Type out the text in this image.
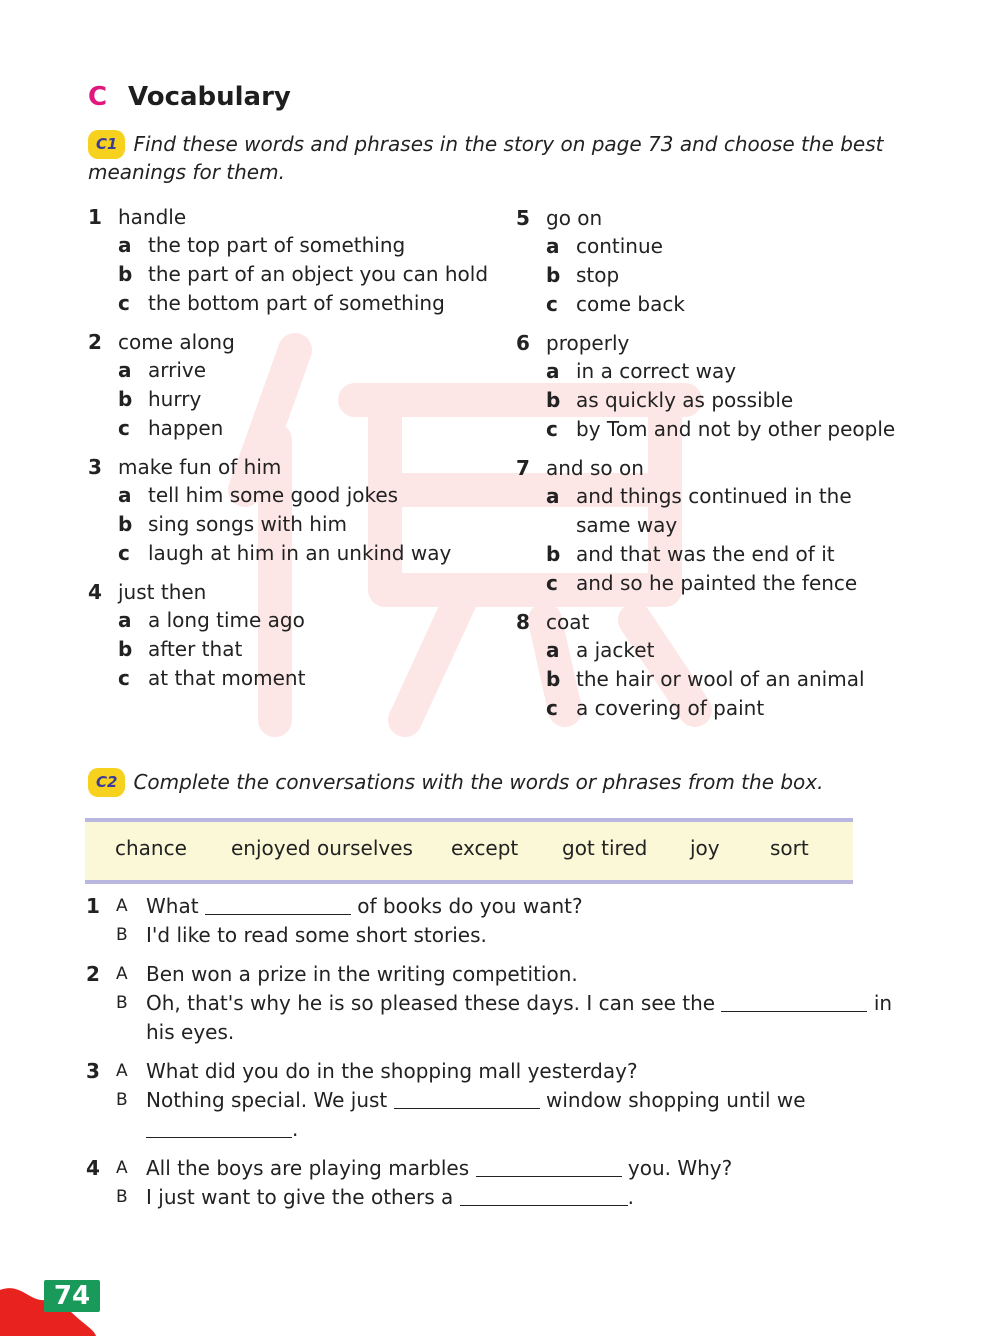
C Vocabulary
C1 Find these words and phrases in the story on page 73 and choose the best
meanings for them.
1 handle
a the top part of something
b the part of an object you can hold
c the bottom part of something
2 come along
a arrive
b hurry
c happen
3 make fun of him
a tell him some good jokes
b sing songs with him
c laugh at him in an unkind way
4 just then
a a long time ago
b after that
c at that moment
5 go on
a continue
b stop
c come back
6 properly
a in a correct way
b as quickly as possible
c by Tom and not by other people
7 and so on
a and things continued in the same way
b and that was the end of it
c and so he painted the fence
8 coat
a a jacket
b the hair or wool of an animal
c a covering of paint
C2 Complete the conversations with the words or phrases from the box.
chance enjoyed ourselves except got tired joy	sort
1 A What	of books do you want?
B I'd like to read some short stories.
2 A Ben won a prize in the writing competition.
B Oh, that's why he is so pleased these days. I can see the	in his eyes.
3 A What did you do in the shopping mall yesterday?
B Nothing special. We just	window shopping until we .
4 A All the boys are playing marbles	you. Why?
B I just want to give the others a	.
74
